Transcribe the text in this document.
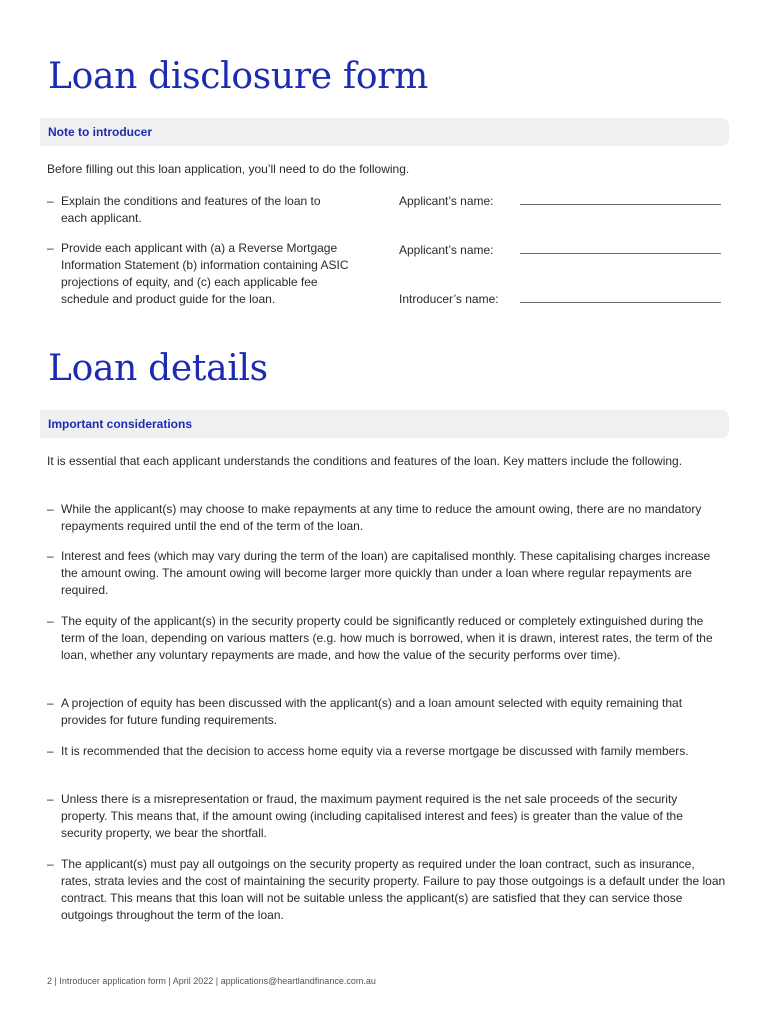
Loan disclosure form
Note to introducer

Before filling out this loan application, you’ll need to do the following.

– Explain the conditions and features of the loan to each applicant.
– Provide each applicant with (a) a Reverse Mortgage Information Statement (b) information containing ASIC projections of equity, and (c) each applicable fee schedule and product guide for the loan.
Applicant’s name:
Applicant’s name:
Introducer’s name:
Loan details
Important considerations

It is essential that each applicant understands the conditions and features of the loan. Key matters include the following.

– While the applicant(s) may choose to make repayments at any time to reduce the amount owing, there are no mandatory repayments required until the end of the term of the loan.
– Interest and fees (which may vary during the term of the loan) are capitalised monthly. These capitalising charges increase the amount owing. The amount owing will become larger more quickly than under a loan where regular repayments are required.
– The equity of the applicant(s) in the security property could be significantly reduced or completely extinguished during the term of the loan, depending on various matters (e.g. how much is borrowed, when it is drawn, interest rates, the term of the loan, whether any voluntary repayments are made, and how the value of the security performs over time).
– A projection of equity has been discussed with the applicant(s) and a loan amount selected with equity remaining that provides for future funding requirements.
– It is recommended that the decision to access home equity via a reverse mortgage be discussed with family members.
– Unless there is a misrepresentation or fraud, the maximum payment required is the net sale proceeds of the security property. This means that, if the amount owing (including capitalised interest and fees) is greater than the value of the security property, we bear the shortfall.
– The applicant(s) must pay all outgoings on the security property as required under the loan contract, such as insurance, rates, strata levies and the cost of maintaining the security property. Failure to pay those outgoings is a default under the loan contract. This means that this loan will not be suitable unless the applicant(s) are satisfied that they can service those outgoings throughout the term of the loan.
2 | Introducer application form | April 2022 | applications@heartlandfinance.com.au
